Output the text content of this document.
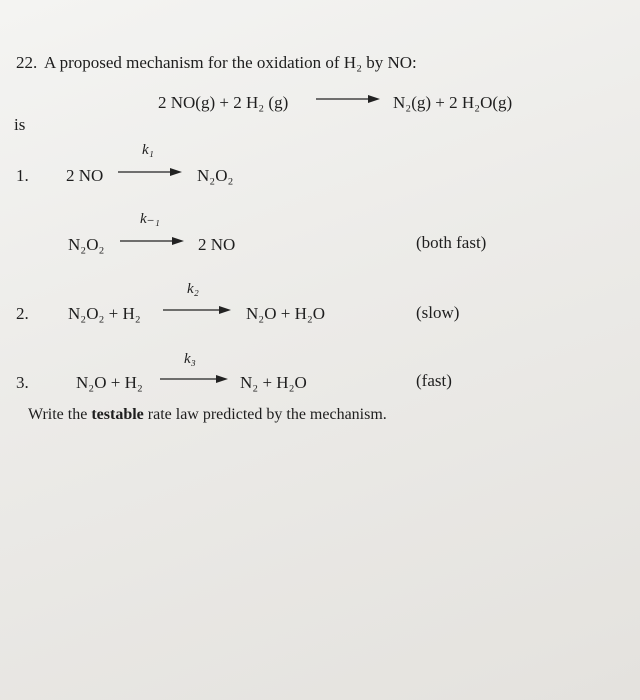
22. A proposed mechanism for the oxidation of H₂ by NO:
2 NO(g) + 2 H₂ (g)	N₂(g) + 2 H₂O(g)
is
1. 2 NO
k₁
N₂O₂
k₋₁
N₂O₂	2 NO	(both fast)
k₂
2. N₂O₂ + H₂	N₂O + H₂O	(slow)
k₃
3.	N₂O + H₂	N₂ + H₂O	(fast)
Write the testable rate law predicted by the mechanism.
